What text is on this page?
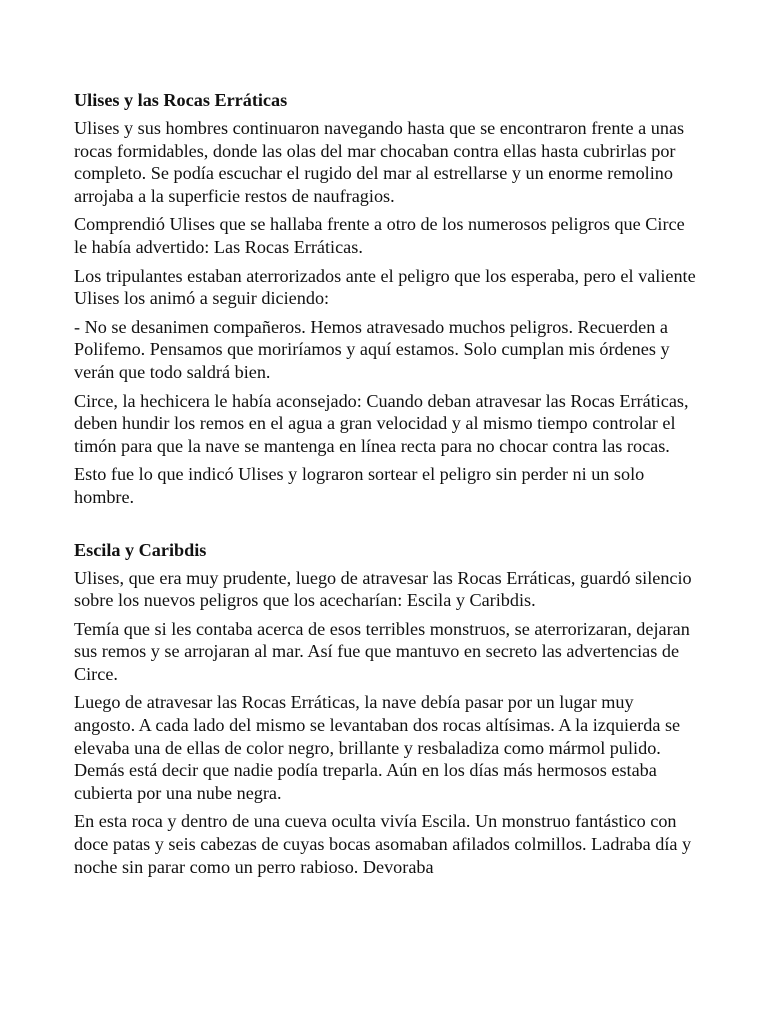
Ulises y las Rocas Erráticas

Ulises y sus hombres continuaron navegando hasta que se encontraron frente a unas rocas formidables, donde las olas del mar chocaban contra ellas hasta cubrirlas por completo. Se podía escuchar el rugido del mar al estrellarse y un enorme remolino arrojaba a la superficie restos de naufragios.

Comprendió Ulises que se hallaba frente a otro de los numerosos peligros que Circe le había advertido: Las Rocas Erráticas.

Los tripulantes estaban aterrorizados ante el peligro que los esperaba, pero el valiente Ulises los animó a seguir diciendo:

- No se desanimen compañeros. Hemos atravesado muchos peligros. Recuerden a Polifemo. Pensamos que moriríamos y aquí estamos. Solo cumplan mis órdenes y verán que todo saldrá bien.

Circe, la hechicera le había aconsejado: Cuando deban atravesar las Rocas Erráticas, deben hundir los remos en el agua a gran velocidad y al mismo tiempo controlar el timón para que la nave se mantenga en línea recta para no chocar contra las rocas.

Esto fue lo que indicó Ulises y lograron sortear el peligro sin perder ni un solo hombre.

Escila y Caribdis

Ulises, que era muy prudente, luego de atravesar las Rocas Erráticas, guardó silencio sobre los nuevos peligros que los acecharían: Escila y Caribdis.

Temía que si les contaba acerca de esos terribles monstruos, se aterrorizaran, dejaran sus remos y se arrojaran al mar. Así fue que mantuvo en secreto las advertencias de Circe.

Luego de atravesar las Rocas Erráticas, la nave debía pasar por un lugar muy angosto. A cada lado del mismo se levantaban dos rocas altísimas. A la izquierda se elevaba una de ellas de color negro, brillante y resbaladiza como mármol pulido. Demás está decir que nadie podía treparla. Aún en los días más hermosos estaba cubierta por una nube negra.

En esta roca y dentro de una cueva oculta vivía Escila. Un monstruo fantástico con doce patas y seis cabezas de cuyas bocas asomaban afilados colmillos. Ladraba día y noche sin parar como un perro rabioso. Devoraba
